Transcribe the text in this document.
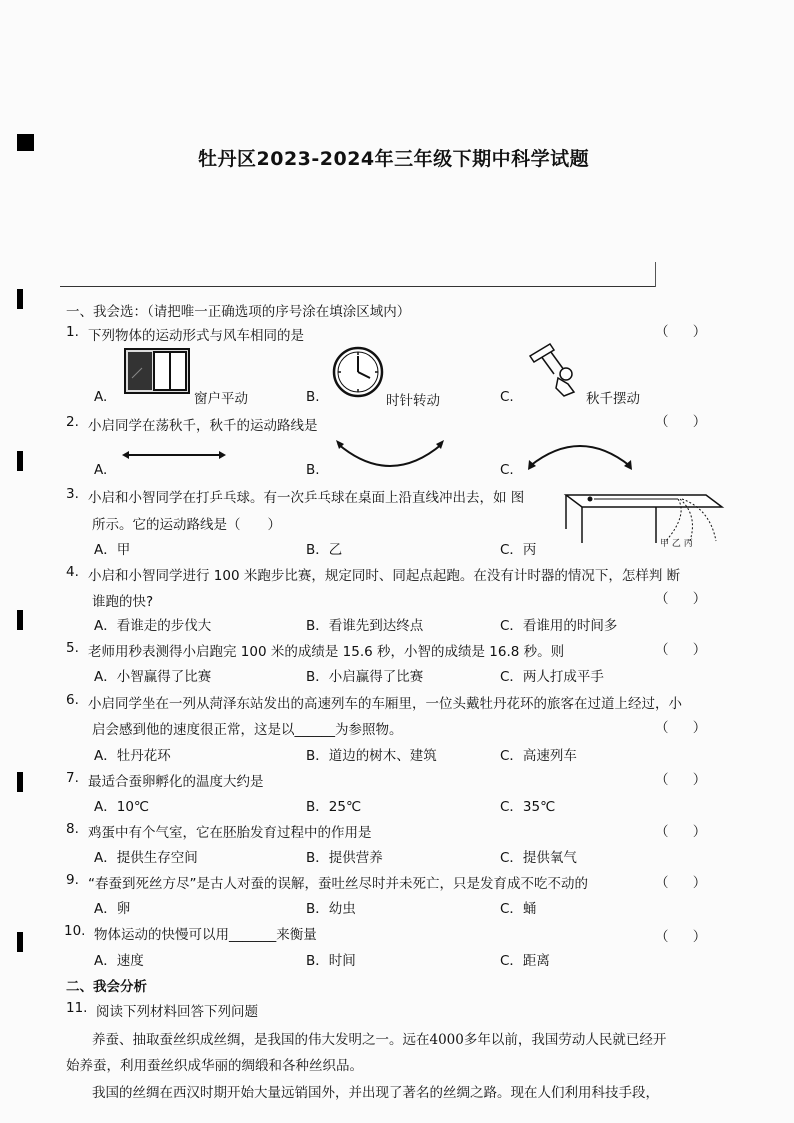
牡丹区2023-2024年三年级下期中科学试题
一、我会选：（请把唯一正确选项的序号涂在填涂区域内）
1. 下列物体的运动形式与风车相同的是	（ ）
A.	窗户平动	B.	时针转动	C.	秋千摆动
2. 小启同学在荡秋千，秋千的运动路线是	（ ）
A.	B.	C.
3. 小启和小智同学在打乒乓球。有一次乒乓球在桌面上沿直线冲出去，如 图
所示。它的运动路线是（　　）
甲 乙 丙
A．甲	B．乙	C．丙
4. 小启和小智同学进行 100 米跑步比赛，规定同时、同起点起跑。在没有计时器的情况下，怎样判 断
谁跑的快?	（ ）
A．看谁走的步伐大	B．看谁先到达终点	C．看谁用的时间多
5. 老师用秒表测得小启跑完 100 米的成绩是 15.6 秒，小智的成绩是 16.8 秒。则	（ ）
A．小智赢得了比赛	B．小启赢得了比赛	C．两人打成平手
6. 小启同学坐在一列从菏泽东站发出的高速列车的车厢里，一位头戴牡丹花环的旅客在过道上经过，小
启会感到他的速度很正常，这是以______为参照物。	（ ）
A．牡丹花环	B．道边的树木、建筑	C．高速列车
7. 最适合蚕卵孵化的温度大约是	（ ）
A．10℃	B．25℃	C．35℃
8. 鸡蛋中有个气室，它在胚胎发育过程中的作用是	（ ）
A．提供生存空间	B．提供营养	C．提供氧气
9. “春蚕到死丝方尽”是古人对蚕的误解，蚕吐丝尽时并未死亡，只是发育成不吃不动的	（ ）
A．卵	B．幼虫	C．蛹
10. 物体运动的快慢可以用_______来衡量	（ ）
A．速度	B．时间	C．距离
二、我会分析
11. 阅读下列材料回答下列问题
养蚕、抽取蚕丝织成丝绸，是我国的伟大发明之一。远在4000多年以前，我国劳动人民就已经开
始养蚕，利用蚕丝织成华丽的绸缎和各种丝织品。
我国的丝绸在西汉时期开始大量远销国外，并出现了著名的丝绸之路。现在人们利用科技手段，
